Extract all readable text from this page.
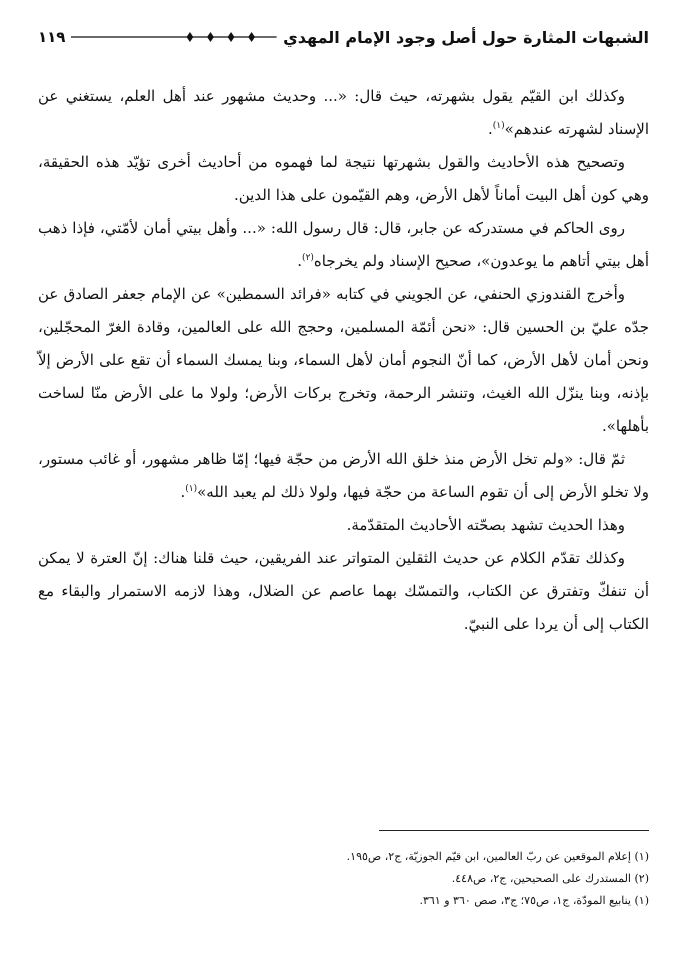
الشبهات المثارة حول أصل وجود الإمام المهدي
١١٩

وكذلك ابن القيّم يقول بشهرته، حيث قال: «... وحديث مشهور عند أهل العلم، يستغني عن الإسناد لشهرته عندهم»$^{(١)}$.

وتصحيح هذه الأحاديث والقول بشهرتها نتيجة لما فهموه من أحاديث أخرى تؤيّد هذه الحقيقة، وهي كون أهل البيت أماناً لأهل الأرض، وهم القيّمون على هذا الدين.

روى الحاكم في مستدركه عن جابر، قال: قال رسول الله: «... وأهل بيتي أمان لأمّتي، فإذا ذهب أهل بيتي أتاهم ما يوعدون»، صحيح الإسناد ولم يخرجاه$^{(٢)}$.

وأخرج القندوزي الحنفي، عن الجويني في كتابه «فرائد السمطين» عن الإمام جعفر الصادق عن جدّه عليّ بن الحسين قال: «نحن أئمّة المسلمين، وحجج الله على العالمين، وقادة الغرّ المحجّلين، ونحن أمان لأهل الأرض، كما أنّ النجوم أمان لأهل السماء، وبنا يمسك السماء أن تقع على الأرض إلاّ بإذنه، وبنا ينزّل الله الغيث، وتنشر الرحمة، وتخرج بركات الأرض؛ ولولا ما على الأرض منّا لساخت بأهلها».

ثمّ قال: «ولم تخل الأرض منذ خلق الله الأرض من حجّة فيها؛ إمّا ظاهر مشهور، أو غائب مستور، ولا تخلو الأرض إلى أن تقوم الساعة من حجّة فيها، ولولا ذلك لم يعبد الله»$^{(١)}$.

وهذا الحديث تشهد بصحّته الأحاديث المتقدّمة.

وكذلك تقدّم الكلام عن حديث الثقلين المتواتر عند الفريقين، حيث قلنا هناك: إنّ العترة لا يمكن أن تنفكّ وتفترق عن الكتاب، والتمسّك بهما عاصم عن الضلال، وهذا لازمه الاستمرار والبقاء مع الكتاب إلى أن يردا على النبيّ.

(١) إعلام الموقعين عن ربّ العالمين، ابن قيّم الجوزيّة، ج٢، ص١٩٥.

(٢) المستدرك على الصحيحين، ج٢، ص٤٤٨.

(١) ينابيع المودّة، ج١، ص٧٥؛ ج٣، صص ٣٦٠ و ٣٦١.
